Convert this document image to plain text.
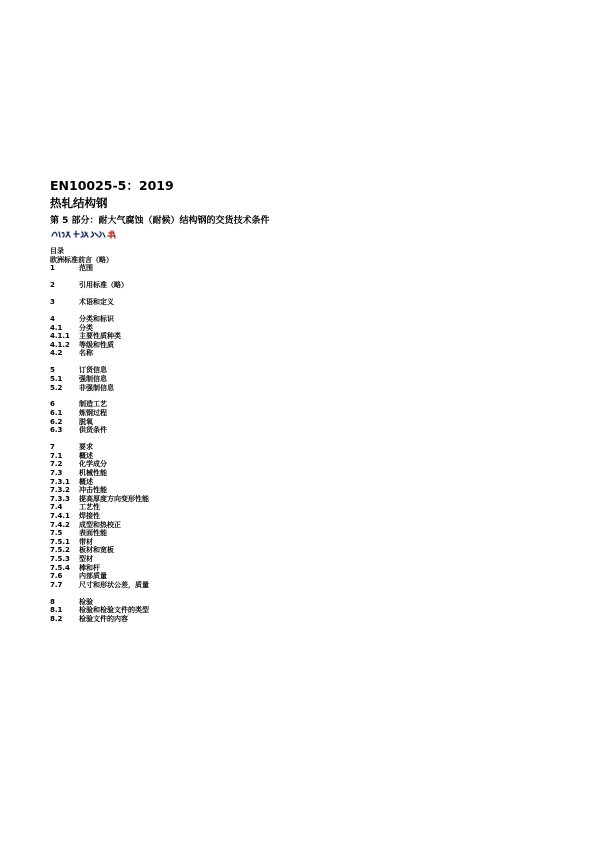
EN10025-5：2019
热轧结构钢

第 5 部分：耐大气腐蚀（耐候）结构钢的交货技术条件

目录
欧洲标准前言（略）
1	范围
2	引用标准（略）
3	术语和定义
4	分类和标识
4.1	分类
4.1.1	主要性质种类
4.1.2	等级和性质
4.2	名称
5	订货信息
5.1	强制信息
5.2	非强制信息
6	制造工艺
6.1	炼钢过程
6.2	脱氧
6.3	供货条件
7	要求
7.1	概述
7.2	化学成分
7.3	机械性能
7.3.1	概述
7.3.2	冲击性能
7.3.3	提高厚度方向变形性能
7.4	工艺性
7.4.1	焊接性
7.4.2	成型和热校正
7.5	表面性能
7.5.1	带材
7.5.2	板材和宽板
7.5.3	型材
7.5.4	棒和杆
7.6	内部质量
7.7	尺寸和形状公差，质量
8	检验
8.1	检验和检验文件的类型
8.2	检验文件的内容
